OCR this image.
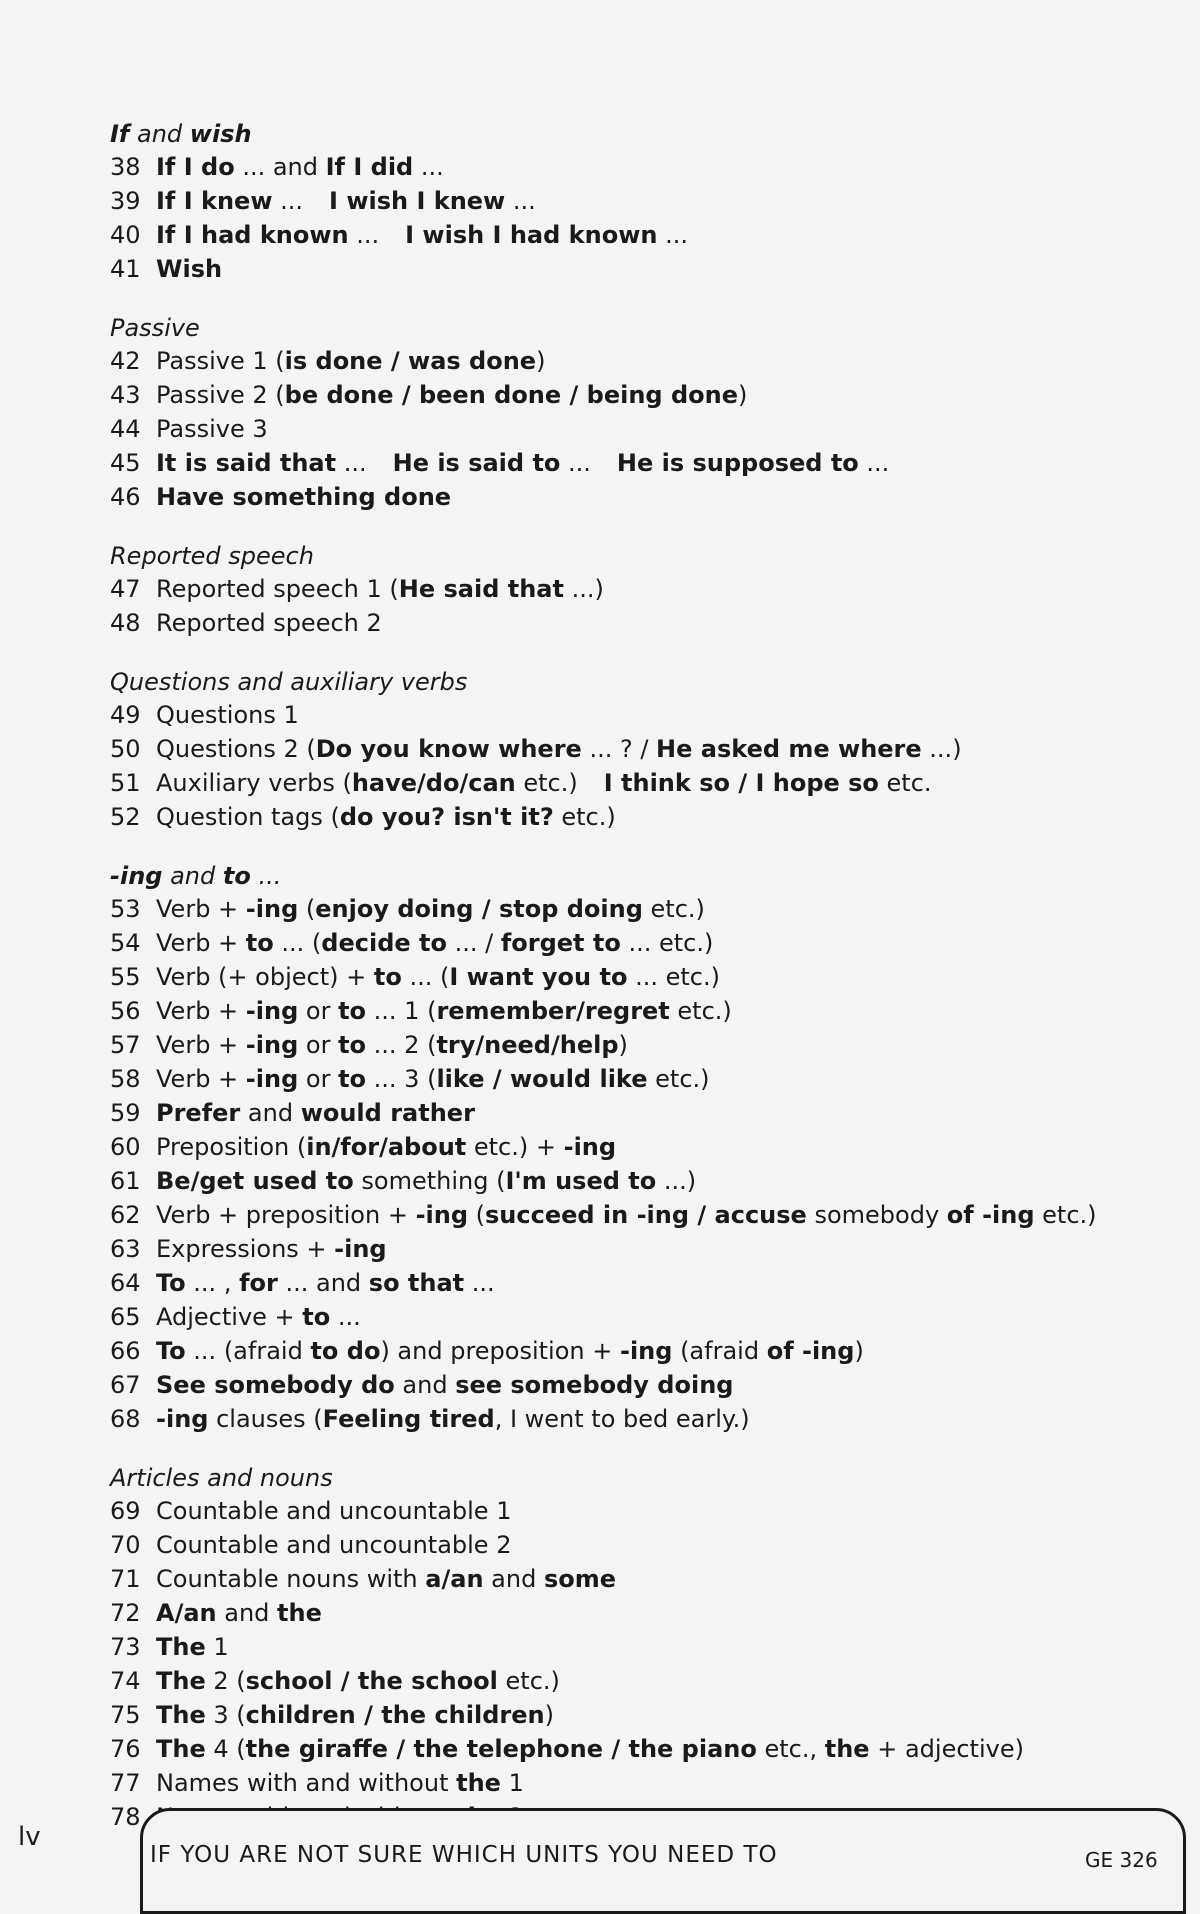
If and wish
38 If I do ... and If I did ...
39 If I knew ... I wish I knew ...
40 If I had known ... I wish I had known ...
41 Wish
Passive
42 Passive 1 (is done / was done)
43 Passive 2 (be done / been done / being done)
44 Passive 3
45 It is said that ... He is said to ... He is supposed to ...
46 Have something done
Reported speech
47 Reported speech 1 (He said that ...)
48 Reported speech 2
Questions and auxiliary verbs
49 Questions 1
50 Questions 2 (Do you know where ... ? / He asked me where ...)
51 Auxiliary verbs (have/do/can etc.) I think so / I hope so etc.
52 Question tags (do you? isn't it? etc.)
-ing and to ...
53 Verb + -ing (enjoy doing / stop doing etc.)
54 Verb + to ... (decide to ... / forget to ... etc.)
55 Verb (+ object) + to ... (I want you to ... etc.)
56 Verb + -ing or to ... 1 (remember/regret etc.)
57 Verb + -ing or to ... 2 (try/need/help)
58 Verb + -ing or to ... 3 (like / would like etc.)
59 Prefer and would rather
60 Preposition (in/for/about etc.) + -ing
61 Be/get used to something (I'm used to ...)
62 Verb + preposition + -ing (succeed in -ing / accuse somebody of -ing etc.)
63 Expressions + -ing
64 To ... , for ... and so that ...
65 Adjective + to ...
66 To ... (afraid to do) and preposition + -ing (afraid of -ing)
67 See somebody do and see somebody doing
68 -ing clauses (Feeling tired, I went to bed early.)
Articles and nouns
69 Countable and uncountable 1
70 Countable and uncountable 2
71 Countable nouns with a/an and some
72 A/an and the
73 The 1
74 The 2 (school / the school etc.)
75 The 3 (children / the children)
76 The 4 (the giraffe / the telephone / the piano etc., the + adjective)
77 Names with and without the 1
78
IF YOU ARE NOT SURE WHICH UNITS YOU NEED TO	GE 326
lv
